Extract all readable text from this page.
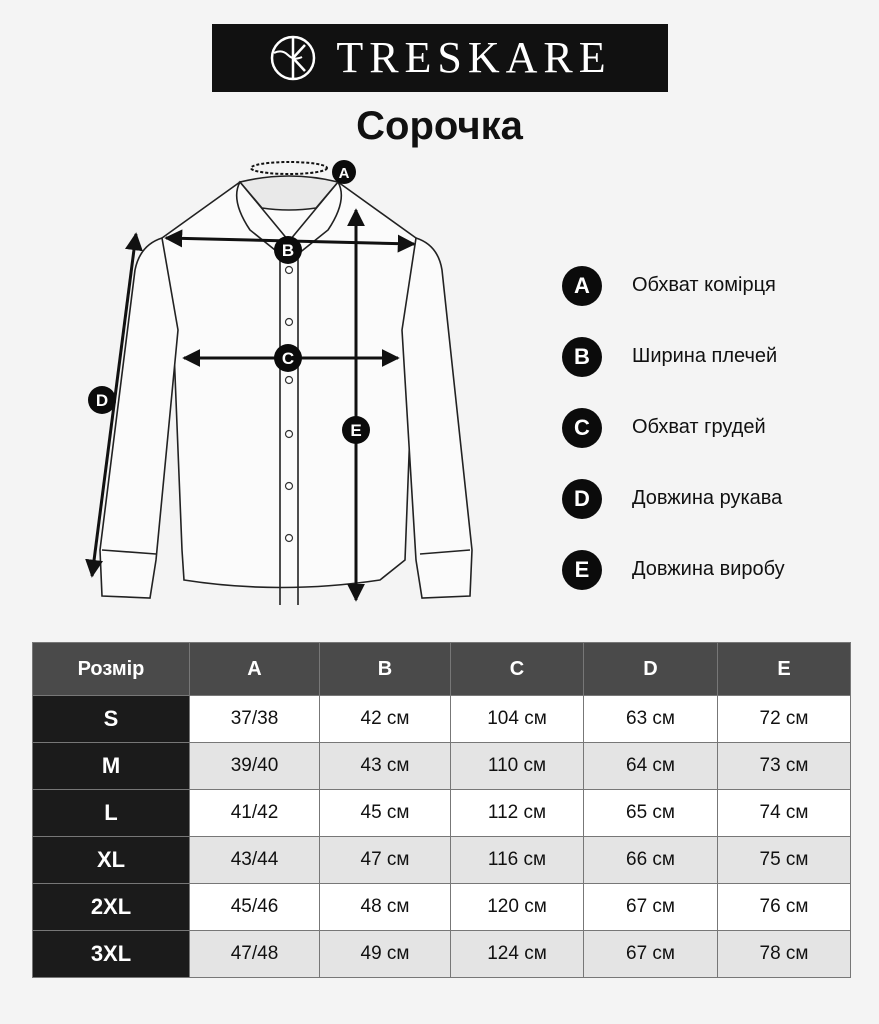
TRESKARE
Сорочка
A
B
C
D
E
A	Обхват комірця
B	Ширина плечей
C	Обхват грудей
D	Довжина рукава
E	Довжина виробу
Розмір	A	B	C	D	E
S	37/38	42 см	104 см	63 см	72 см
M	39/40	43 см	110 см	64 см	73 см
L	41/42	45 см	112 см	65 см	74 см
XL	43/44	47 см	116 см	66 см	75 см
2XL	45/46	48 см	120 см	67 см	76 см
3XL	47/48	49 см	124 см	67 см	78 см
